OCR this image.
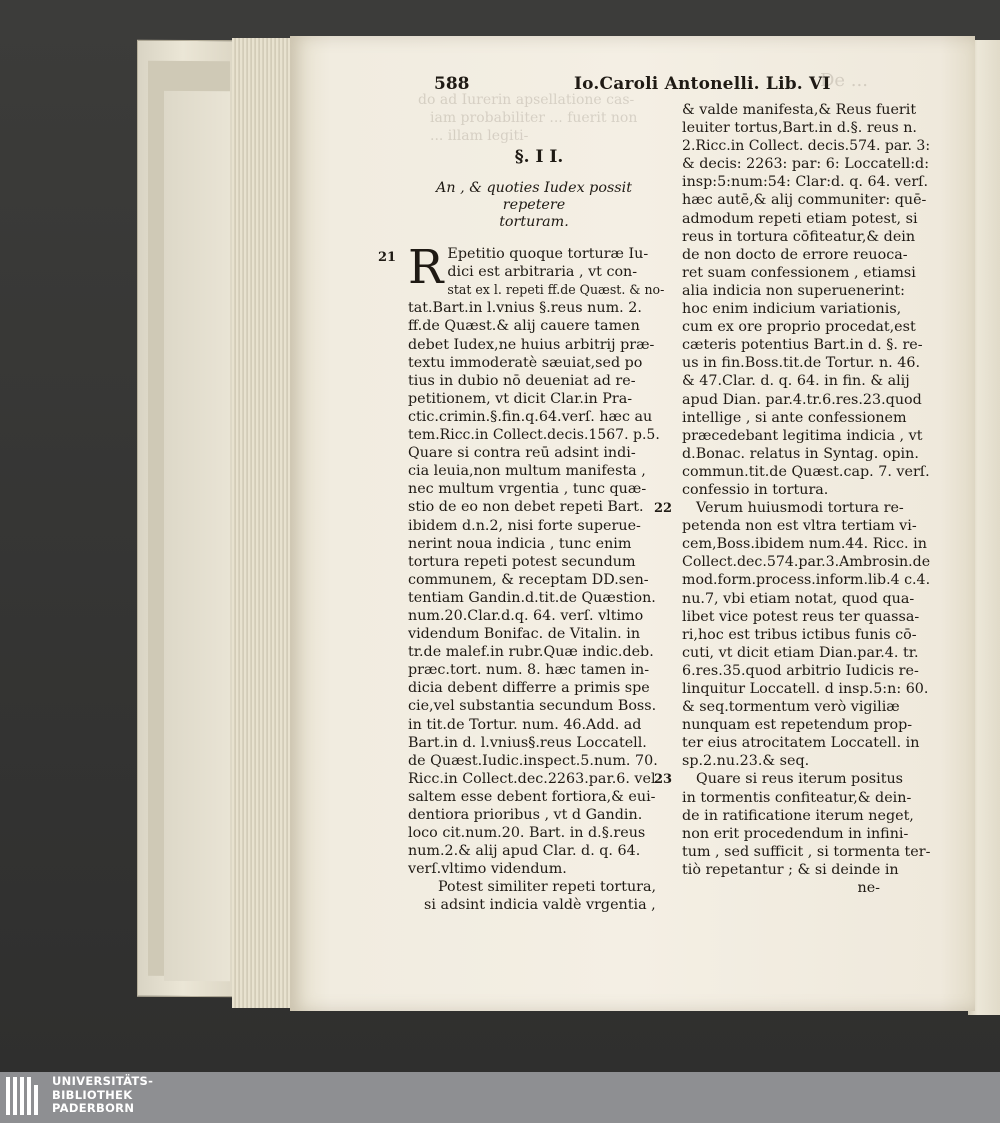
De ...
do ad Iurerin apsellatione cas-
iam probabiliter ... fuerit non
... illam legiti-
588	Io.Caroli Antonelli. Lib. VI
§. I I.
An , & quoties Iudex possit repetere
torturam.
21 R Epetitio quoque torturæ Iu-
dici est arbitraria , vt con-
stat ex l. repeti ff.de Quæst. & no-
tat.Bart.in l.vnius §.reus num. 2.
ff.de Quæst.& alij cauere tamen
debet Iudex,ne huius arbitrij præ-
textu immoderatè sæuiat,sed po
tius in dubio nō deueniat ad re-
petitionem, vt dicit Clar.in Pra-
ctic.crimin.§.fin.q.64.verſ. hæc au
tem.Ricc.in Collect.decis.1567. p.5.
Quare si contra reū adsint indi-
cia leuia,non multum manifesta ,
nec multum vrgentia , tunc quæ-
stio de eo non debet repeti Bart.
ibidem d.n.2, nisi forte superue-
nerint noua indicia , tunc enim
tortura repeti potest secundum
communem, & receptam DD.sen-
tentiam Gandin.d.tit.de Quæstion.
num.20.Clar.d.q. 64. verſ. vltimo
videndum Bonifac. de Vitalin. in
tr.de malef.in rubr.Quæ indic.deb.
præc.tort. num. 8. hæc tamen in-
dicia debent differre a primis spe
cie,vel substantia secundum Boss.
in tit.de Tortur. num. 46.Add. ad
Bart.in d. l.vnius§.reus Loccatell.
de Quæst.Iudic.inspect.5.num. 70.
Ricc.in Collect.dec.2263.par.6. vel
saltem esse debent fortiora,& eui-
dentiora prioribus , vt d Gandin.
loco cit.num.20. Bart. in d.§.reus
num.2.& alij apud Clar. d. q. 64.
verſ.vltimo videndum.
Potest similiter repeti tortura,
si adsint indicia valdè vrgentia ,
& valde manifesta,& Reus fuerit
leuiter tortus,Bart.in d.§. reus n.
2.Ricc.in Collect. decis.574. par. 3:
& decis: 2263: par: 6: Loccatell:d:
insp:5:num:54: Clar:d. q. 64. verſ.
hæc autē,& alij communiter: quē-
admodum repeti etiam potest, si
reus in tortura cōfiteatur,& dein
de non docto de errore reuoca-
ret suam confessionem , etiamsi
alia indicia non superuenerint:
hoc enim indicium variationis,
cum ex ore proprio procedat,est
cæteris potentius Bart.in d. §. re-
us in fin.Boss.tit.de Tortur. n. 46.
& 47.Clar. d. q. 64. in fin. & alij
apud Dian. par.4.tr.6.res.23.quod
intellige , si ante confessionem
præcedebant legitima indicia , vt
d.Bonac. relatus in Syntag. opin.
commun.tit.de Quæst.cap. 7. verſ.
confessio in tortura.
22	Verum huiusmodi tortura re-
petenda non est vltra tertiam vi-
cem,Boss.ibidem num.44. Ricc. in
Collect.dec.574.par.3.Ambrosin.de
mod.form.process.inform.lib.4 c.4.
nu.7, vbi etiam notat, quod qua-
libet vice potest reus ter quassa-
ri,hoc est tribus ictibus funis cō-
cuti, vt dicit etiam Dian.par.4. tr.
6.res.35.quod arbitrio Iudicis re-
linquitur Loccatell. d insp.5:n: 60.
& seq.tormentum verò vigiliæ
nunquam est repetendum prop-
ter eius atrocitatem Loccatell. in
sp.2.nu.23.& seq.
23	Quare si reus iterum positus
in tormentis confiteatur,& dein-
de in ratificatione iterum neget,
non erit procedendum in infini-
tum , sed sufficit , si tormenta ter-
tiò repetantur ; & si deinde in
ne-
UNIVERSITÄTS-
BIBLIOTHEK
PADERBORN
